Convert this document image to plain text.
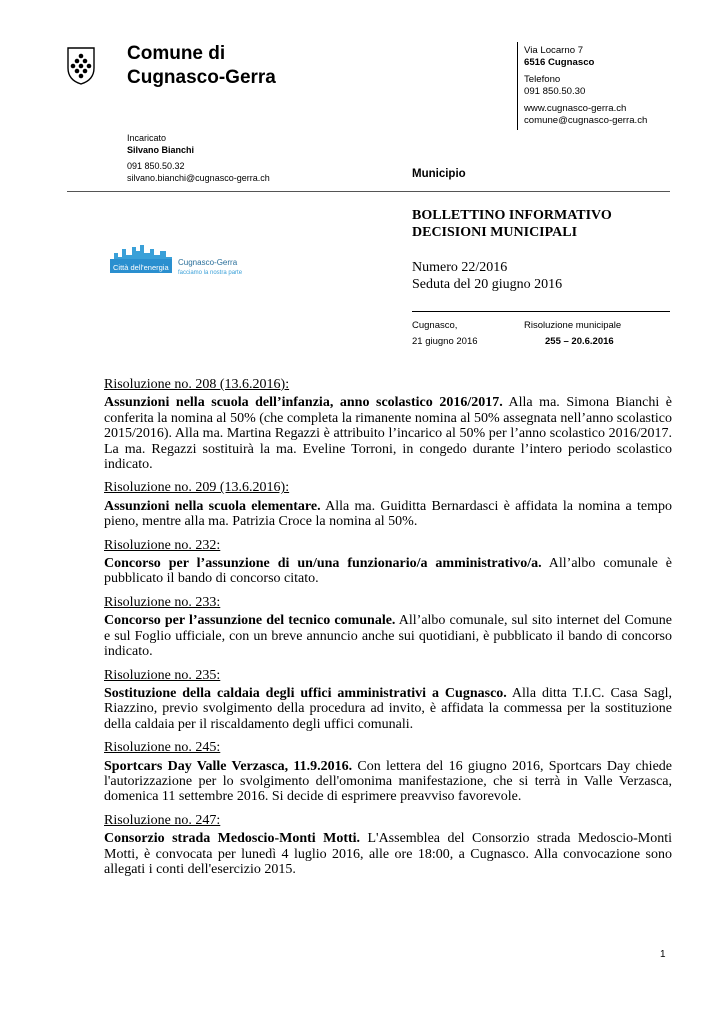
Comune di
Cugnasco-Gerra
Via Locarno 7
6516 Cugnasco
Telefono
091 850.50.30
www.cugnasco-gerra.ch
comune@cugnasco-gerra.ch
Incaricato
Silvano Bianchi
091 850.50.32
silvano.bianchi@cugnasco-gerra.ch	Municipio
Città dell'energia
Cugnasco-Gerra
facciamo la nostra parte
BOLLETTINO INFORMATIVO
DECISIONI MUNICIPALI
Numero 22/2016
Seduta del 20 giugno 2016
Cugnasco,
21 giugno 2016
Risoluzione municipale
255 – 20.6.2016
Risoluzione no. 208 (13.6.2016):

Assunzioni nella scuola dell’infanzia, anno scolastico 2016/2017. Alla ma. Simona Bianchi è conferita la nomina al 50% (che completa la rimanente nomina al 50% assegnata nell’anno scolastico 2015/2016). Alla ma. Martina Regazzi è attribuito l’incarico al 50% per l’anno scolastico 2016/2017. La ma. Regazzi sostituirà la ma. Eveline Torroni, in congedo durante l’intero periodo scolastico indicato.

Risoluzione no. 209 (13.6.2016):

Assunzioni nella scuola elementare. Alla ma. Guiditta Bernardasci è affidata la nomina a tempo pieno, mentre alla ma. Patrizia Croce la nomina al 50%.

Risoluzione no. 232:

Concorso per l’assunzione di un/una funzionario/a amministrativo/a. All’albo comunale è pubblicato il bando di concorso citato.

Risoluzione no. 233:

Concorso per l’assunzione del tecnico comunale. All’albo comunale, sul sito internet del Comune e sul Foglio ufficiale, con un breve annuncio anche sui quotidiani, è pubblicato il bando di concorso indicato.

Risoluzione no. 235:

Sostituzione della caldaia degli uffici amministrativi a Cugnasco. Alla ditta T.I.C. Casa Sagl, Riazzino, previo svolgimento della procedura ad invito, è affidata la commessa per la sostituzione della caldaia per il riscaldamento degli uffici comunali.

Risoluzione no. 245:

Sportcars Day Valle Verzasca, 11.9.2016. Con lettera del 16 giugno 2016, Sportcars Day chiede l'autorizzazione per lo svolgimento dell'omonima manifestazione, che si terrà in Valle Verzasca, domenica 11 settembre 2016. Si decide di esprimere preavviso favorevole.

Risoluzione no. 247:

Consorzio strada Medoscio-Monti Motti. L'Assemblea del Consorzio strada Medoscio-Monti Motti, è convocata per lunedì 4 luglio 2016, alle ore 18:00, a Cugnasco. Alla convocazione sono allegati i conti dell'esercizio 2015.

1
